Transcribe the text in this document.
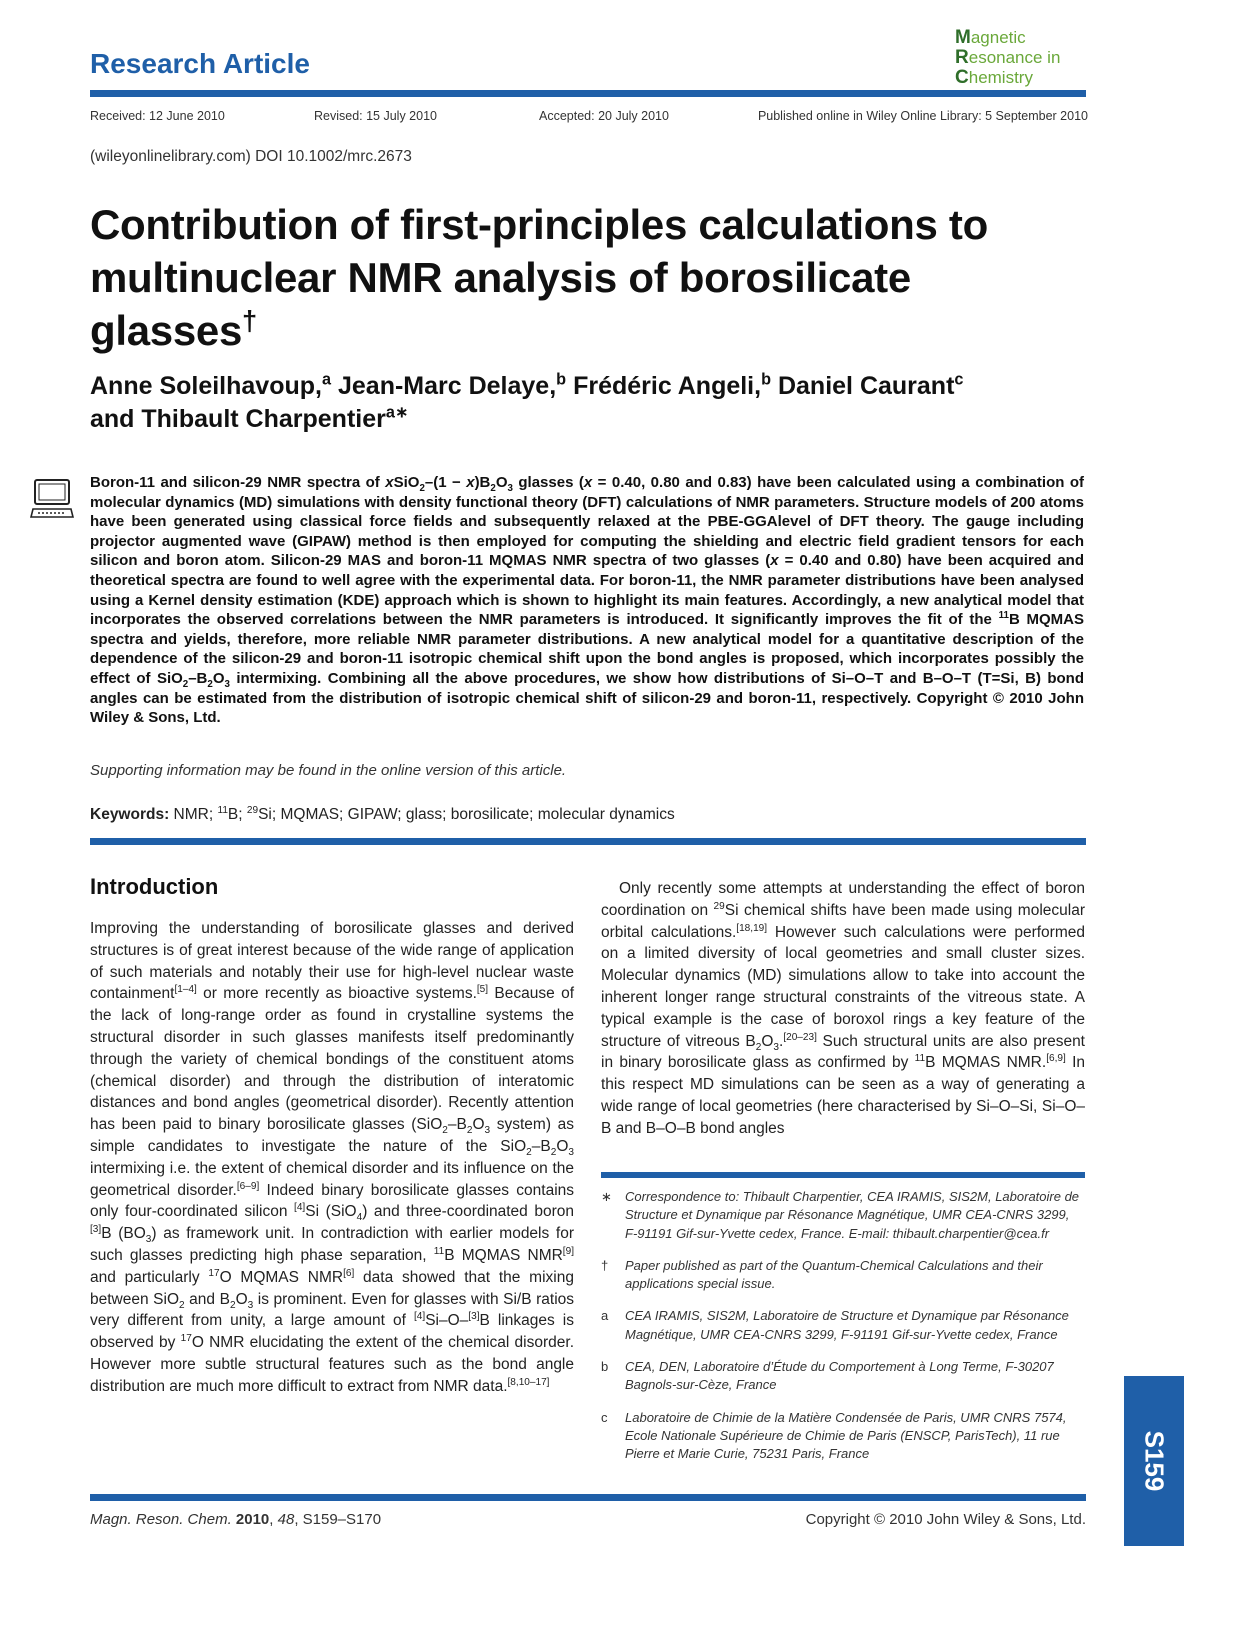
Research Article
Magnetic
Resonance in
Chemistry
Received: 12 June 2010	Revised: 15 July 2010	Accepted: 20 July 2010	Published online in Wiley Online Library: 5 September 2010
(wileyonlinelibrary.com) DOI 10.1002/mrc.2673
Contribution of first-principles calculations to multinuclear NMR analysis of borosilicate glasses†
Anne Soleilhavoup,$^a$ Jean-Marc Delaye,$^b$ Frédéric Angeli,$^b$ Daniel Caurant$^c$
and Thibault Charpentier$^{a∗}$
Boron-11 and silicon-29 NMR spectra of xSiO$_2$–(1 − $x)B_2O_3$ glasses (x = 0.40, 0.80 and 0.83) have been calculated using a combination of molecular dynamics (MD) simulations with density functional theory (DFT) calculations of NMR parameters. Structure models of 200 atoms have been generated using classical force fields and subsequently relaxed at the PBE-GGAlevel of DFT theory. The gauge including projector augmented wave (GIPAW) method is then employed for computing the shielding and electric field gradient tensors for each silicon and boron atom. Silicon-29 MAS and boron-11 MQMAS NMR spectra of two glasses (x = 0.40 and 0.80) have been acquired and theoretical spectra are found to well agree with the experimental data. For boron-11, the NMR parameter distributions have been analysed using a Kernel density estimation (KDE) approach which is shown to highlight its main features. Accordingly, a new analytical model that incorporates the observed correlations between the NMR parameters is introduced. It significantly improves the fit of the $^{11}$B MQMAS spectra and yields, therefore, more reliable NMR parameter distributions. A new analytical model for a quantitative description of the dependence of the silicon-29 and boron-11 isotropic chemical shift upon the bond angles is proposed, which incorporates possibly the effect of $SiO_2-B_2O_3$ intermixing. Combining all the above procedures, we show how distributions of Si–O–T and B–O–T (T=Si, B) bond angles can be estimated from the distribution of isotropic chemical shift of silicon-29 and boron-11, respectively. Copyright © 2010 John Wiley & Sons, Ltd.
Supporting information may be found in the online version of this article.
Keywords: NMR; $^{11}$B; $^{29}$Si; MQMAS; GIPAW; glass; borosilicate; molecular dynamics
Introduction

Improving the understanding of borosilicate glasses and derived structures is of great interest because of the wide range of application of such materials and notably their use for high-level nuclear waste containment[1–4] or more recently as bioactive systems.[5] Because of the lack of long-range order as found in crystalline systems the structural disorder in such glasses manifests itself predominantly through the variety of chemical bondings of the constituent atoms (chemical disorder) and through the distribution of interatomic distances and bond angles (geometrical disorder). Recently attention has been paid to binary borosilicate glasses ($SiO_2-B_2O_3$ system) as simple candidates to investigate the nature of the $SiO_2-B_2O_3$ intermixing i.e. the extent of chemical disorder and its influence on the geometrical disorder.[6–9] Indeed binary borosilicate glasses contains only four-coordinated silicon [4]Si (SiO$_4$) and three-coordinated boron [3]B $(BO_3)$ as framework unit. In contradiction with earlier models for such glasses predicting high phase separation, $^{11}$B MQMAS NMR[9] and particularly $^{17}$O MQMAS NMR[6] data showed that the mixing between SiO$_2$ and $B_2O_3$ is prominent. Even for glasses with Si/B ratios very different from unity, a large amount of [4]Si–O–[3]B linkages is observed by $^{17}$O NMR elucidating the extent of the chemical disorder. However more subtle structural features such as the bond angle distribution are much more difficult to extract from NMR data.[8,10–17]

Only recently some attempts at understanding the effect of boron coordination on $^{29}$Si chemical shifts have been made using molecular orbital calculations.[18,19] However such calculations were performed on a limited diversity of local geometries and small cluster sizes. Molecular dynamics (MD) simulations allow to take into account the inherent longer range structural constraints of the vitreous state. A typical example is the case of boroxol rings a key feature of the structure of vitreous $B_2O_3.[20-23]$ Such structural units are also present in binary borosilicate glass as confirmed by $^{11}$B MQMAS NMR.[6,9] In this respect MD simulations can be seen as a way of generating a wide range of local geometries (here characterised by Si–O–Si, Si–O–B and B–O–B bond angles

∗	Correspondence to: Thibault Charpentier, CEA IRAMIS, SIS2M, Laboratoire de Structure et Dynamique par Résonance Magnétique, UMR CEA-CNRS 3299, F-91191 Gif-sur-Yvette cedex, France. E-mail: thibault.charpentier@cea.fr
†	Paper published as part of the Quantum-Chemical Calculations and their applications special issue.
a	CEA IRAMIS, SIS2M, Laboratoire de Structure et Dynamique par Résonance Magnétique, UMR CEA-CNRS 3299, F-91191 Gif-sur-Yvette cedex, France
b	CEA, DEN, Laboratoire d’Étude du Comportement à Long Terme, F-30207 Bagnols-sur-Cèze, France
c	Laboratoire de Chimie de la Matière Condensée de Paris, UMR CNRS 7574, Ecole Nationale Supérieure de Chimie de Paris (ENSCP, ParisTech), 11 rue Pierre et Marie Curie, 75231 Paris, France	S159
Magn. Reson. Chem. 2010, 48, S159–S170	Copyright © 2010 John Wiley & Sons, Ltd.
